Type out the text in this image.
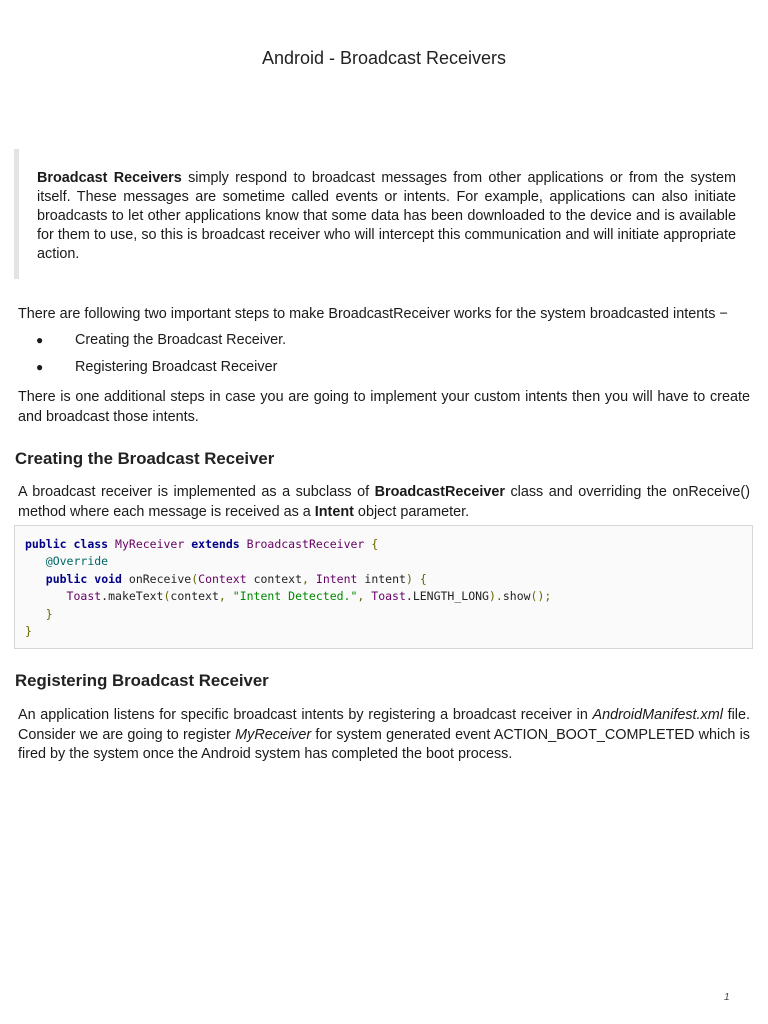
Android - Broadcast Receivers

Broadcast Receivers simply respond to broadcast messages from other applications or from the system itself. These messages are sometime called events or intents. For example, applications can also initiate broadcasts to let other applications know that some data has been downloaded to the device and is available for them to use, so this is broadcast receiver who will intercept this communication and will initiate appropriate action.

There are following two important steps to make BroadcastReceiver works for the system broadcasted intents −

● Creating the Broadcast Receiver.
● Registering Broadcast Receiver

There is one additional steps in case you are going to implement your custom intents then you will have to create and broadcast those intents.

Creating the Broadcast Receiver

A broadcast receiver is implemented as a subclass of BroadcastReceiver class and overriding the onReceive() method where each message is received as a Intent object parameter.

public class MyReceiver extends BroadcastReceiver {
@Override
public void onReceive(Context context, Intent intent) {
Toast.makeText(context, "Intent Detected.", Toast.LENGTH_LONG).show();
}
}
Registering Broadcast Receiver

An application listens for specific broadcast intents by registering a broadcast receiver in AndroidManifest.xml file. Consider we are going to register MyReceiver for system generated event ACTION_BOOT_COMPLETED which is fired by the system once the Android system has completed the boot process.

1
